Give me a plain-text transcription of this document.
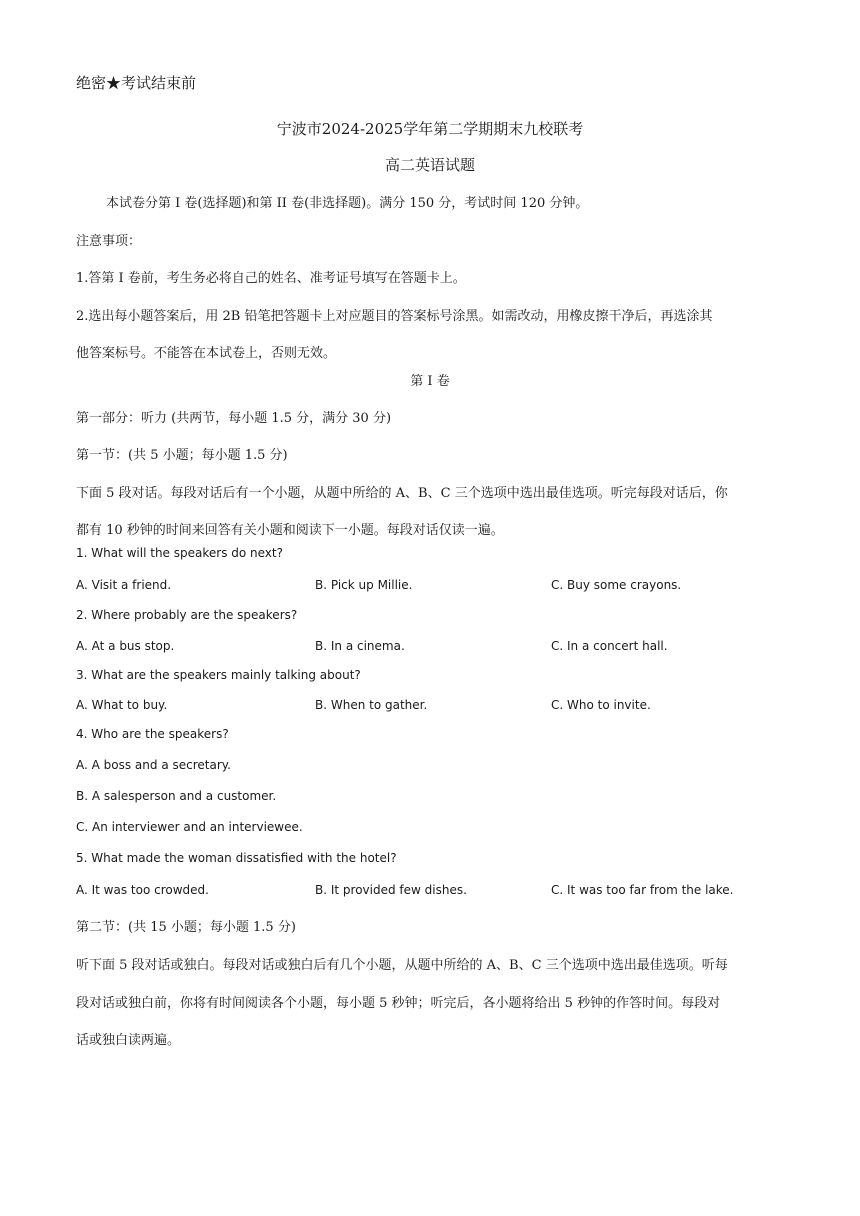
绝密★考试结束前
宁波市2024-2025学年第二学期期末九校联考
高二英语试题
本试卷分第 I 卷(选择题)和第 II 卷(非选择题)。满分 150 分，考试时间 120 分钟。
注意事项：
1.答第 I 卷前，考生务必将自己的姓名、准考证号填写在答题卡上。
2.选出每小题答案后，用 2B 铅笔把答题卡上对应题目的答案标号涂黑。如需改动，用橡皮擦干净后，再选涂其
他答案标号。不能答在本试卷上，否则无效。
第 I 卷
第一部分：听力 (共两节，每小题 1.5 分，满分 30 分)
第一节：(共 5 小题；每小题 1.5 分)
下面 5 段对话。每段对话后有一个小题，从题中所给的 A、B、C 三个选项中选出最佳选项。听完每段对话后，你
都有 10 秒钟的时间来回答有关小题和阅读下一小题。每段对话仅读一遍。
1. What will the speakers do next?
A. Visit a friend.	B. Pick up Millie.	C. Buy some crayons.
2. Where probably are the speakers?
A. At a bus stop.	B. In a cinema.	C. In a concert hall.
3. What are the speakers mainly talking about?
A. What to buy.	B. When to gather.	C. Who to invite.
4. Who are the speakers?
A. A boss and a secretary.
B. A salesperson and a customer.
C. An interviewer and an interviewee.
5. What made the woman dissatisfied with the hotel?
A. It was too crowded.	B. It provided few dishes.	C. It was too far from the lake.
第二节：(共 15 小题；每小题 1.5 分)
听下面 5 段对话或独白。每段对话或独白后有几个小题，从题中所给的 A、B、C 三个选项中选出最佳选项。听每
段对话或独白前，你将有时间阅读各个小题，每小题 5 秒钟；听完后，各小题将给出 5 秒钟的作答时间。每段对
话或独白读两遍。
